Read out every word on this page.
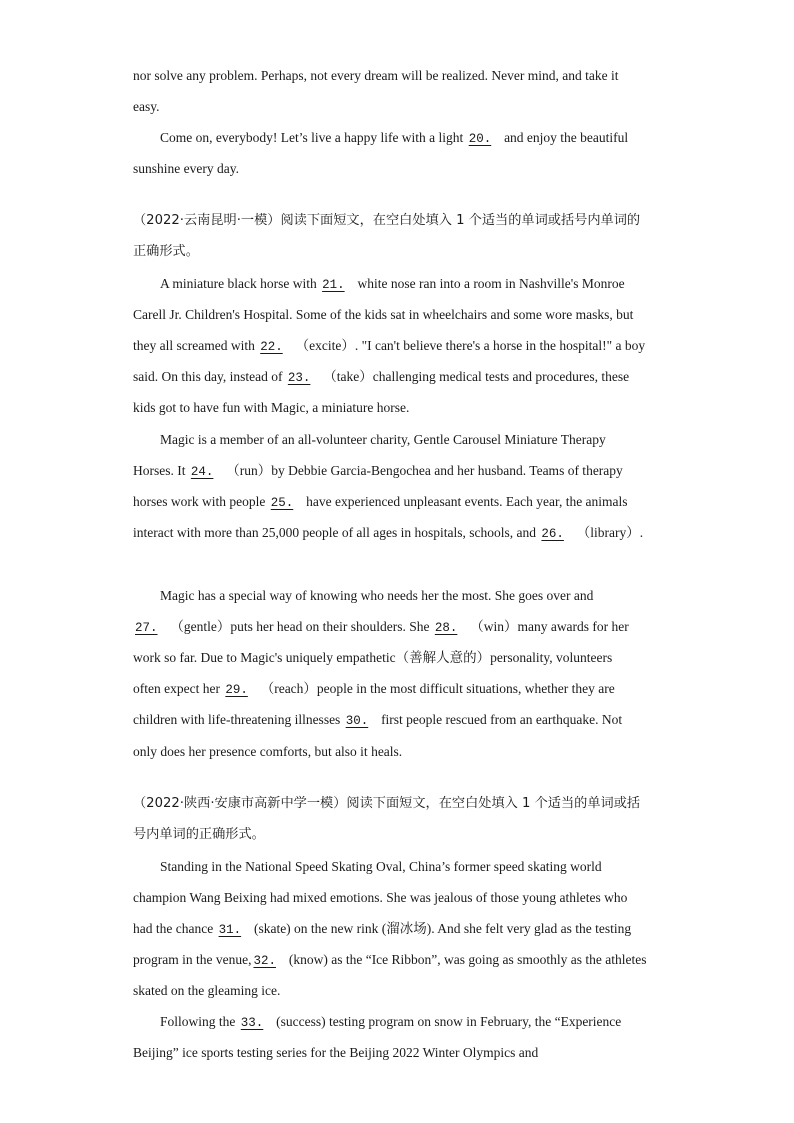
nor solve any problem. Perhaps, not every dream will be realized. Never mind, and take it
easy.
Come on, everybody! Let’s live a happy life with a light 20. and enjoy the beautiful
sunshine every day.
（2022·云南昆明·一模）阅读下面短文，在空白处填入 1 个适当的单词或括号内单词的
正确形式。
A miniature black horse with 21. white nose ran into a room in Nashville's Monroe
Carell Jr. Children's Hospital. Some of the kids sat in wheelchairs and some wore masks, but
they all screamed with 22. （excite）. "I can't believe there's a horse in the hospital!" a boy
said. On this day, instead of 23. （take）challenging medical tests and procedures, these
kids got to have fun with Magic, a miniature horse.
Magic is a member of an all-volunteer charity, Gentle Carousel Miniature Therapy
Horses. It 24. （run）by Debbie Garcia-Bengochea and her husband. Teams of therapy
horses work with people 25. have experienced unpleasant events. Each year, the animals
interact with more than 25,000 people of all ages in hospitals, schools, and 26. （library）.
Magic has a special way of knowing who needs her the most. She goes over and
27. （gentle）puts her head on their shoulders. She 28. （win）many awards for her
work so far. Due to Magic's uniquely empathetic（善解人意的）personality, volunteers
often expect her 29. （reach）people in the most difficult situations, whether they are
children with life-threatening illnesses 30. first people rescued from an earthquake. Not
only does her presence comforts, but also it heals.
（2022·陕西·安康市高新中学一模）阅读下面短文，在空白处填入 1 个适当的单词或括
号内单词的正确形式。
Standing in the National Speed Skating Oval, China’s former speed skating world
champion Wang Beixing had mixed emotions. She was jealous of those young athletes who
had the chance 31. (skate) on the new rink (溜冰场). And she felt very glad as the testing
program in the venue, 32. (know) as the “Ice Ribbon”, was going as smoothly as the athletes
skated on the gleaming ice.
Following the 33. (success) testing program on snow in February, the “Experience
Beijing” ice sports testing series for the Beijing 2022 Winter Olympics and
